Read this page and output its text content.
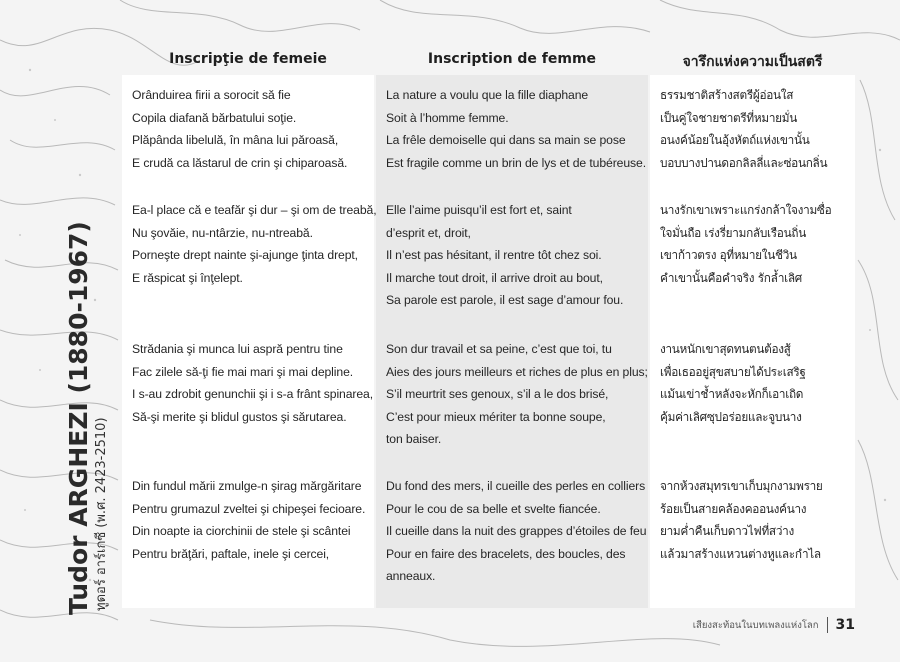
Tudor ARGHEZI (1880-1967) ทูดอร์ อาร์เกซี (พ.ศ. 2423-2510)
Inscripţie de femeie	Inscription de femme	จารึกแห่งความเป็นสตรี
Orânduirea firii a sorocit să fie
Copila diafană bărbatului soţie.
Plăpânda libelulă, în mâna lui păroasă,
E crudă ca lăstarul de crin şi chiparoasă.
Ea-l place că e teafăr şi dur – şi om de treabă,
Nu şovăie, nu-ntârzie, nu-ntreabă.
Porneşte drept nainte şi-ajunge ţinta drept,
E răspicat şi înţelept.
Strădania şi munca lui aspră pentru tine
Fac zilele să-ţi fie mai mari şi mai depline.
I s-au zdrobit genunchii şi i s-a frânt spinarea,
Să-şi merite şi blidul gustos şi sărutarea.
Din fundul mării zmulge-n şirag mărgăritare
Pentru grumazul zveltei şi chipeşei fecioare.
Din noapte ia ciorchinii de stele şi scântei
Pentru brăţări, paftale, inele şi cercei,
La nature a voulu que la fille diaphane
Soit à l’homme femme.
La frêle demoiselle qui dans sa main se pose
Est fragile comme un brin de lys et de tubéreuse.
Elle l’aime puisqu’il est fort et, saint
d’esprit et, droit,
Il n’est pas hésitant, il rentre tôt chez soi.
Il marche tout droit, il arrive droit au bout,
Sa parole est parole, il est sage d’amour fou.
Son dur travail et sa peine, c’est que toi, tu
Aies des jours meilleurs et riches de plus en plus;
S’il meurtrit ses genoux, s’il a le dos brisé,
C’est pour mieux mériter ta bonne soupe,
ton baiser.
Du fond des mers, il cueille des perles en colliers
Pour le cou de sa belle et svelte fiancée.
Il cueille dans la nuit des grappes d’étoiles de feu
Pour en faire des bracelets, des boucles, des
anneaux.
ธรรมชาติสร้างสตรีผู้อ่อนใส
เป็นคู่ใจชายชาตรีที่หมายมั่น
อนงค์น้อยในอุ้งหัตถ์แห่งเขานั้น
บอบบางปานดอกลิลลี่และซ่อนกลิ่น
นางรักเขาเพราะแกร่งกล้าใจงามซื่อ
ใจมั่นถือ เร่งรี่ยามกลับเรือนถิ่น
เขาก้าวตรง อุที่หมายในชีวิน
คำเขานั้นคือคำจริง รักล้ำเลิศ
งานหนักเขาสุดทนตนต้องสู้
เพื่อเธออยู่สุขสบายได้ประเสริฐ
แม้นเข่าช้ำหลังจะหักก็เอาเถิด
คุ้มค่าเลิศซุปอร่อยและจูบนาง
จากห้วงสมุทรเขาเก็บมุกงามพราย
ร้อยเป็นสายคล้องคออนงค์นาง
ยามค่ำคืนเก็บดาวไฟที่สว่าง
แล้วมาสร้างแหวนต่างหูและกำไล
เสียงสะท้อนในบทเพลงแห่งโลก 31
